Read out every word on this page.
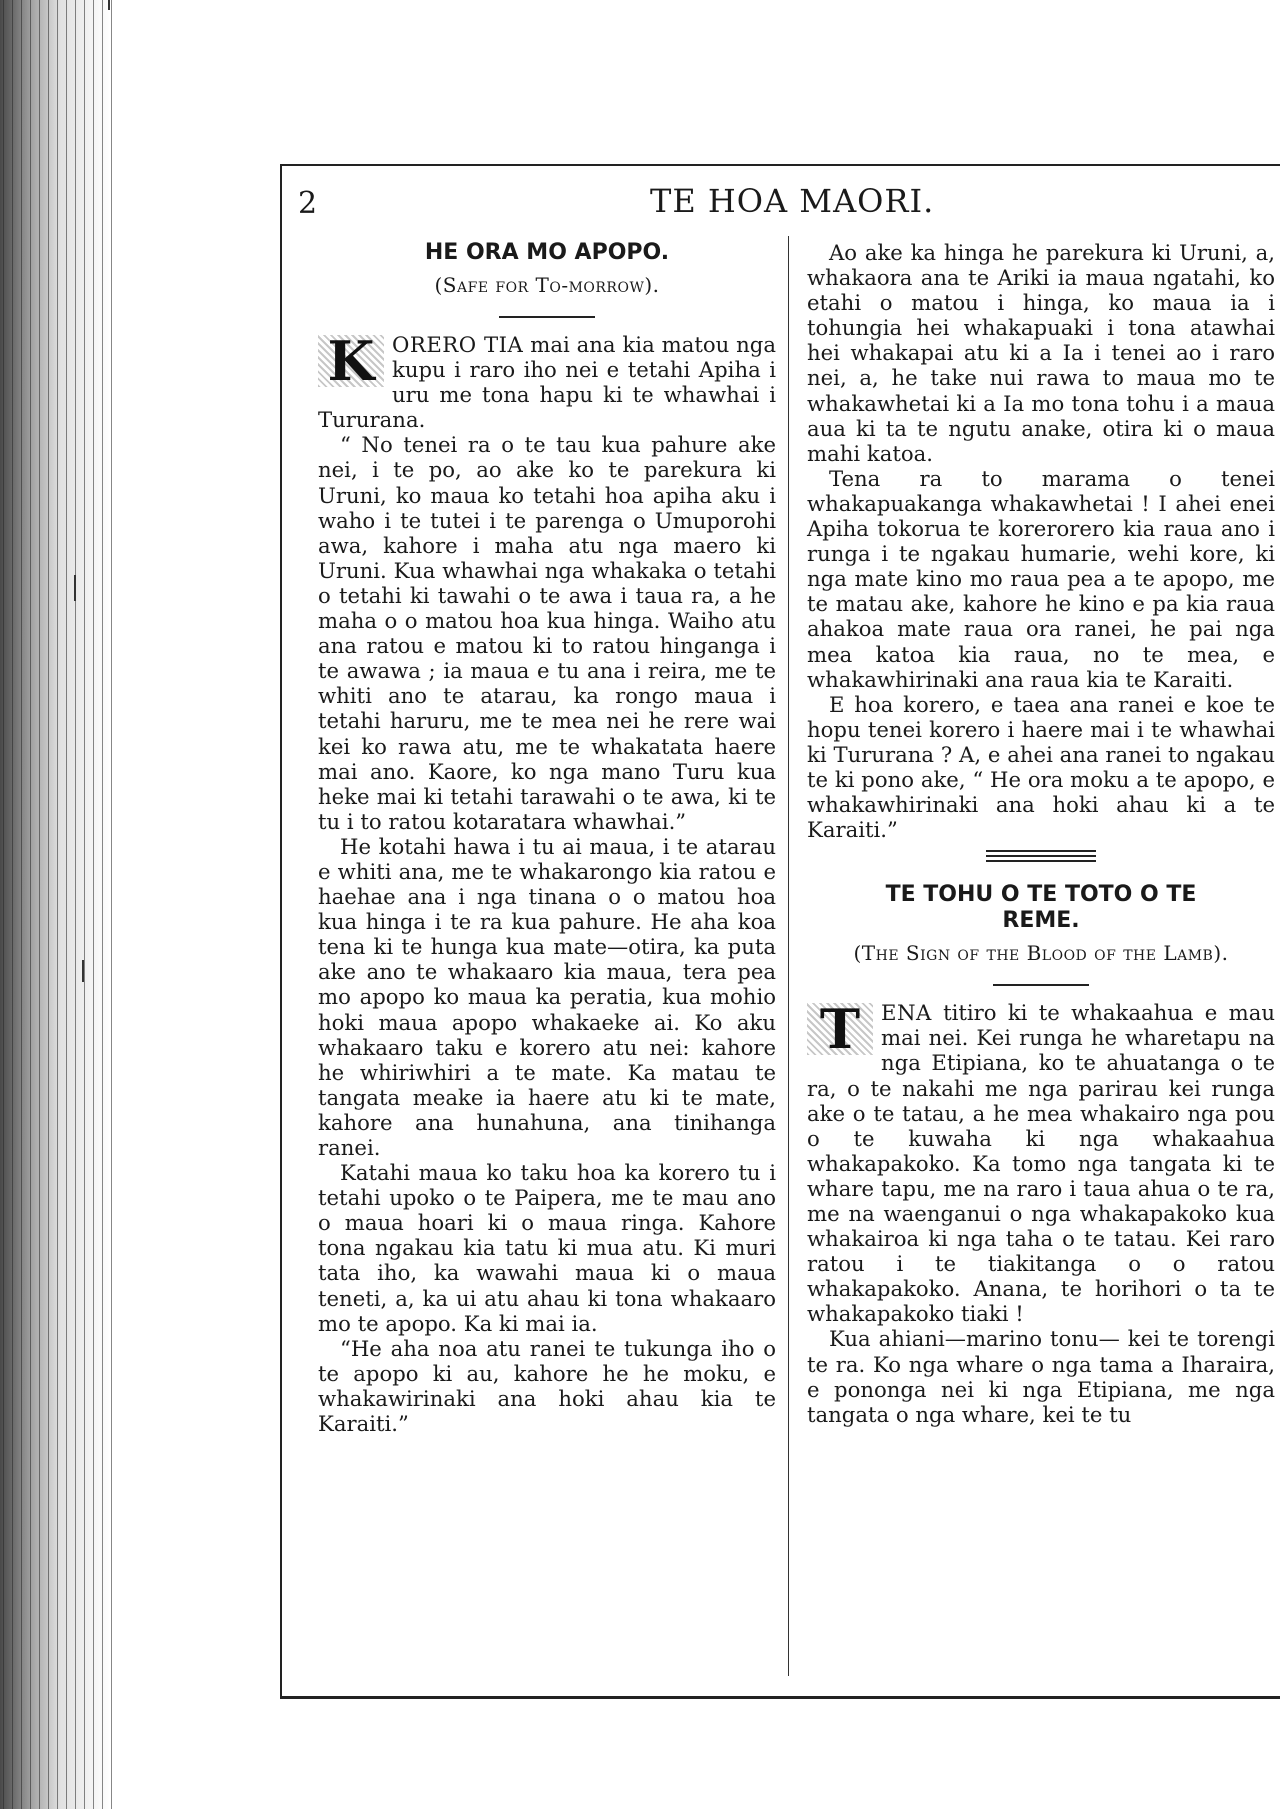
2	TE HOA MAORI.
HE ORA MO APOPO.
(Safe for To-morrow).

K ORERO TIA mai ana kia matou nga kupu i raro iho nei e tetahi Apiha i uru me tona hapu ki te whawhai i Tururana.

“ No tenei ra o te tau kua pahure ake nei, i te po, ao ake ko te parekura ki Uruni, ko maua ko tetahi hoa apiha aku i waho i te tutei i te parenga o Umuporohi awa, kahore i maha atu nga maero ki Uruni. Kua whawhai nga whakaka o tetahi o tetahi ki tawahi o te awa i taua ra, a he maha o o matou hoa kua hinga. Waiho atu ana ratou e matou ki to ratou hinganga i te awawa ; ia maua e tu ana i reira, me te whiti ano te atarau, ka rongo maua i tetahi haruru, me te mea nei he rere wai kei ko rawa atu, me te whakatata haere mai ano. Kaore, ko nga mano Turu kua heke mai ki tetahi tarawahi o te awa, ki te tu i to ratou kotaratara whawhai.”

He kotahi hawa i tu ai maua, i te atarau e whiti ana, me te whakarongo kia ratou e haehae ana i nga tinana o o matou hoa kua hinga i te ra kua pahure. He aha koa tena ki te hunga kua mate—otira, ka puta ake ano te whakaaro kia maua, tera pea mo apopo ko maua ka peratia, kua mohio hoki maua apopo whakaeke ai. Ko aku whakaaro taku e korero atu nei: kahore he whiriwhiri a te mate. Ka matau te tangata meake ia haere atu ki te mate, kahore ana hunahuna, ana tinihanga ranei.

Katahi maua ko taku hoa ka korero tu i tetahi upoko o te Paipera, me te mau ano o maua hoari ki o maua ringa. Kahore tona ngakau kia tatu ki mua atu. Ki muri tata iho, ka wawahi maua ki o maua teneti, a, ka ui atu ahau ki tona whakaaro mo te apopo. Ka ki mai ia.

“He aha noa atu ranei te tukunga iho o te apopo ki au, kahore he he moku, e whakawirinaki ana hoki ahau kia te Karaiti.”

Ao ake ka hinga he parekura ki Uruni, a, whakaora ana te Ariki ia maua ngatahi, ko etahi o matou i hinga, ko maua ia i tohungia hei whakapuaki i tona atawhai hei whakapai atu ki a Ia i tenei ao i raro nei, a, he take nui rawa to maua mo te whakawhetai ki a Ia mo tona tohu i a maua aua ki ta te ngutu anake, otira ki o maua mahi katoa.

Tena ra to marama o tenei whakapuakanga whakawhetai ! I ahei enei Apiha tokorua te korerorero kia raua ano i runga i te ngakau humarie, wehi kore, ki nga mate kino mo raua pea a te apopo, me te matau ake, kahore he kino e pa kia raua ahakoa mate raua ora ranei, he pai nga mea katoa kia raua, no te mea, e whakawhirinaki ana raua kia te Karaiti.

E hoa korero, e taea ana ranei e koe te hopu tenei korero i haere mai i te whawhai ki Tururana ? A, e ahei ana ranei to ngakau te ki pono ake, “ He ora moku a te apopo, e whakawhirinaki ana hoki ahau ki a te Karaiti.”

TE TOHU O TE TOTO O TE
REME.
(The Sign of the Blood of the Lamb).

T ENA titiro ki te whakaahua e mau mai nei. Kei runga he wharetapu na nga Etipiana, ko te ahuatanga o te ra, o te nakahi me nga parirau kei runga ake o te tatau, a he mea whakairo nga pou o te kuwaha ki nga whakaahua whakapakoko. Ka tomo nga tangata ki te whare tapu, me na raro i taua ahua o te ra, me na waenganui o nga whakapakoko kua whakairoa ki nga taha o te tatau. Kei raro ratou i te tiakitanga o o ratou whakapakoko. Anana, te horihori o ta te whakapakoko tiaki !

Kua ahiani—marino tonu— kei te torengi te ra. Ko nga whare o nga tama a Iharaira, e pononga nei ki nga Etipiana, me nga tangata o nga whare, kei te tu
